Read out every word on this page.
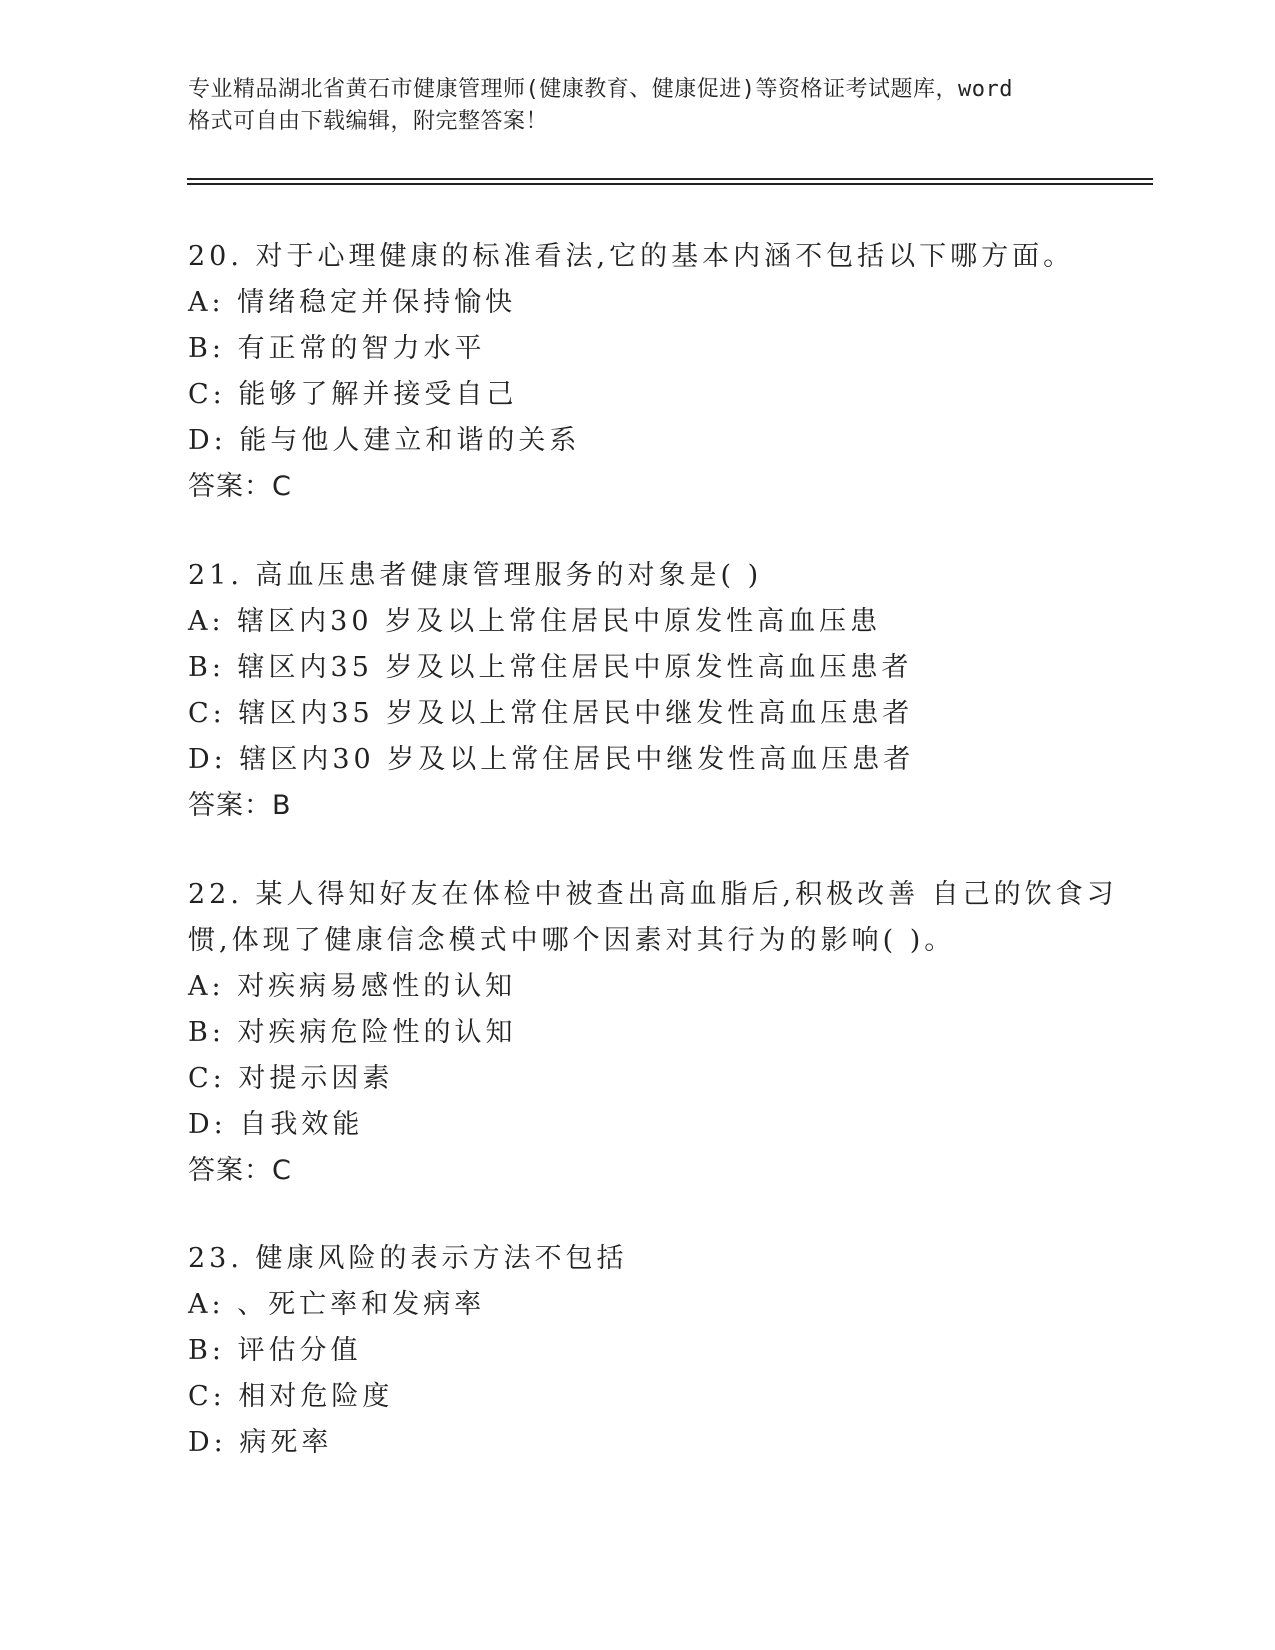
专业精品湖北省黄石市健康管理师(健康教育、健康促进)等资格证考试题库，word
格式可自由下载编辑，附完整答案！
20. 对于心理健康的标准看法,它的基本内涵不包括以下哪方面。
A: 情绪稳定并保持愉快
B: 有正常的智力水平
C: 能够了解并接受自己
D: 能与他人建立和谐的关系
答案：C
21. 高血压患者健康管理服务的对象是( )
A: 辖区内30 岁及以上常住居民中原发性高血压患
B: 辖区内35 岁及以上常住居民中原发性高血压患者
C: 辖区内35 岁及以上常住居民中继发性高血压患者
D: 辖区内30 岁及以上常住居民中继发性高血压患者
答案：B
22. 某人得知好友在体检中被查出高血脂后,积极改善 自己的饮食习
惯,体现了健康信念模式中哪个因素对其行为的影响( )。
A: 对疾病易感性的认知
B: 对疾病危险性的认知
C: 对提示因素
D: 自我效能
答案：C
23. 健康风险的表示方法不包括
A: 、死亡率和发病率
B: 评估分值
C: 相对危险度
D: 病死率
